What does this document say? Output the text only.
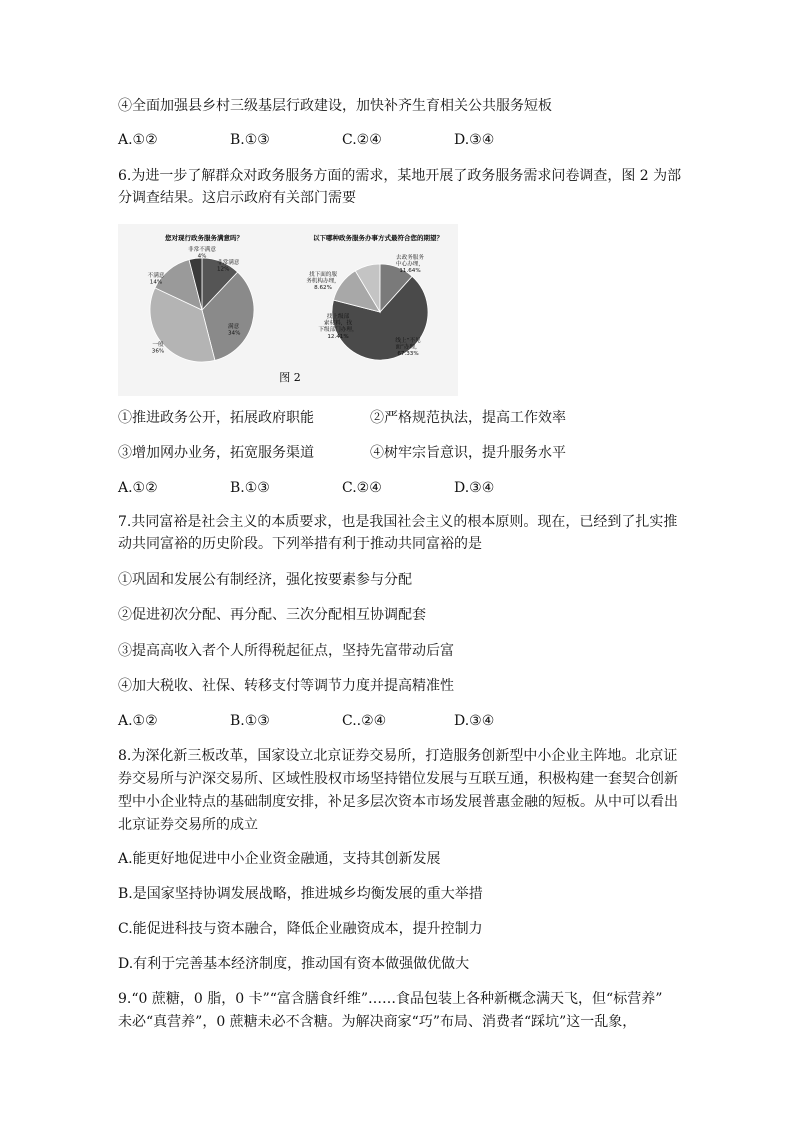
④全面加强县乡村三级基层行政建设，加快补齐生育相关公共服务短板
A.①②	B.①③	C.②④	D.③④
6.为进一步了解群众对政务服务方面的需求，某地开展了政务服务需求问卷调查，图 2 为部
分调查结果。这启示政府有关部门需要
您对现行政务服务满意吗？
非常满意 12%
满意 34%
一般 36%
不满意 14%
非常不满意 4%
以下哪种政务服务办事方式最符合您的期望？
线上“不见面”办理， 67.33%
找上级部索材料，找下级部门办理， 12.41%
找下面的服务机构办理， 8.62%
去政务服务中心办理， 11.64%
图 2
①推进政务公开，拓展政府职能	②严格规范执法，提高工作效率
③增加网办业务，拓宽服务渠道	④树牢宗旨意识，提升服务水平
A.①②	B.①③	C.②④	D.③④
7.共同富裕是社会主义的本质要求，也是我国社会主义的根本原则。现在，已经到了扎实推
动共同富裕的历史阶段。下列举措有利于推动共同富裕的是
①巩固和发展公有制经济，强化按要素参与分配
②促进初次分配、再分配、三次分配相互协调配套
③提高高收入者个人所得税起征点，坚持先富带动后富
④加大税收、社保、转移支付等调节力度并提高精准性
A.①②	B.①③	C..②④	D.③④
8.为深化新三板改革，国家设立北京证券交易所，打造服务创新型中小企业主阵地。北京证
券交易所与沪深交易所、区域性股权市场坚持错位发展与互联互通，积极构建一套契合创新
型中小企业特点的基础制度安排，补足多层次资本市场发展普惠金融的短板。从中可以看出
北京证券交易所的成立
A.能更好地促进中小企业资金融通，支持其创新发展
B.是国家坚持协调发展战略，推进城乡均衡发展的重大举措
C.能促进科技与资本融合，降低企业融资成本，提升控制力
D.有利于完善基本经济制度，推动国有资本做强做优做大
9.“0 蔗糖，0 脂，0 卡”“富含膳食纤维”……食品包装上各种新概念满天飞，但“标营养”
未必“真营养”，0 蔗糖未必不含糖。为解决商家“巧”布局、消费者“踩坑”这一乱象，
